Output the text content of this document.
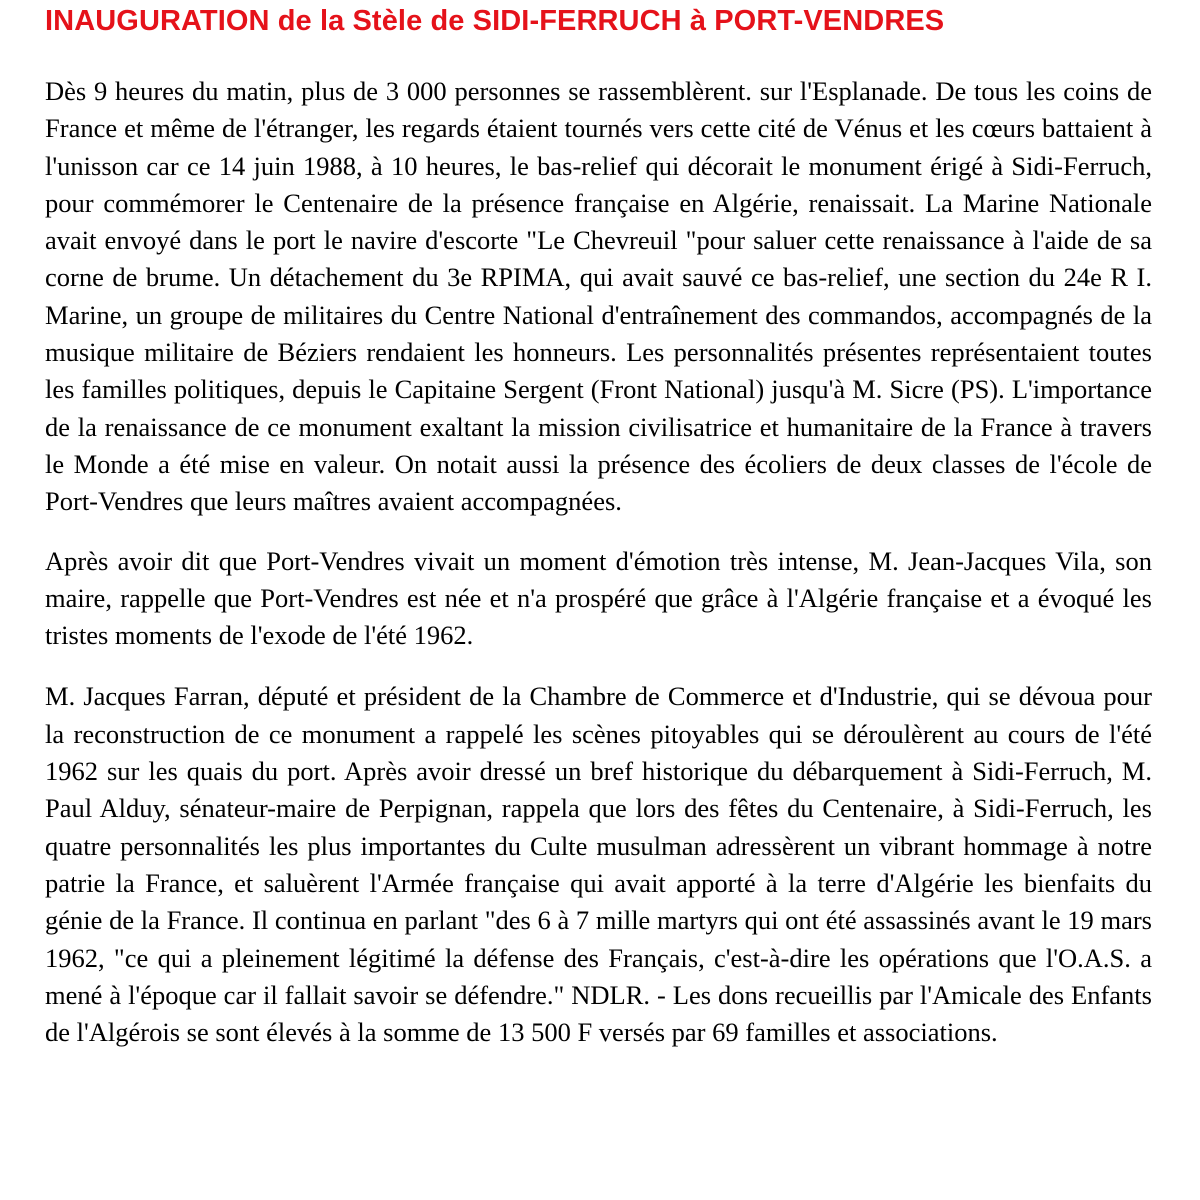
INAUGURATION de la Stèle de SIDI-FERRUCH à PORT-VENDRES

Dès 9 heures du matin, plus de 3 000 personnes se rassemblèrent. sur l'Esplanade. De tous les coins de France et même de l'étranger, les regards étaient tournés vers cette cité de Vénus et les cœurs battaient à l'unisson car ce 14 juin 1988, à 10 heures, le bas-relief qui décorait le monument érigé à Sidi-Ferruch, pour commémorer le Centenaire de la présence française en Algérie, renaissait. La Marine Nationale avait envoyé dans le port le navire d'escorte "Le Chevreuil "pour saluer cette renaissance à l'aide de sa corne de brume. Un détachement du 3e RPIMA, qui avait sauvé ce bas-relief, une section du 24e R I. Marine, un groupe de militaires du Centre National d'entraînement des commandos, accompagnés de la musique militaire de Béziers rendaient les honneurs. Les personnalités présentes représentaient toutes les familles politiques, depuis le Capitaine Sergent (Front National) jusqu'à M. Sicre (PS). L'importance de la renaissance de ce monument exaltant la mission civilisatrice et humanitaire de la France à travers le Monde a été mise en valeur. On notait aussi la présence des écoliers de deux classes de l'école de Port-Vendres que leurs maîtres avaient accompagnées.

Après avoir dit que Port-Vendres vivait un moment d'émotion très intense, M. Jean-Jacques Vila, son maire, rappelle que Port-Vendres est née et n'a prospéré que grâce à l'Algérie française et a évoqué les tristes moments de l'exode de l'été 1962.

M. Jacques Farran, député et président de la Chambre de Commerce et d'Industrie, qui se dévoua pour la reconstruction de ce monument a rappelé les scènes pitoyables qui se déroulèrent au cours de l'été 1962 sur les quais du port. Après avoir dressé un bref historique du débarquement à Sidi-Ferruch, M. Paul Alduy, sénateur-maire de Perpignan, rappela que lors des fêtes du Centenaire, à Sidi-Ferruch, les quatre personnalités les plus importantes du Culte musulman adressèrent un vibrant hommage à notre patrie la France, et saluèrent l'Armée française qui avait apporté à la terre d'Algérie les bienfaits du génie de la France. Il continua en parlant "des 6 à 7 mille martyrs qui ont été assassinés avant le 19 mars 1962, "ce qui a pleinement légitimé la défense des Français, c'est-à-dire les opérations que l'O.A.S. a mené à l'époque car il fallait savoir se défendre." NDLR. - Les dons recueillis par l'Amicale des Enfants de l'Algérois se sont élevés à la somme de 13 500 F versés par 69 familles et associations.
